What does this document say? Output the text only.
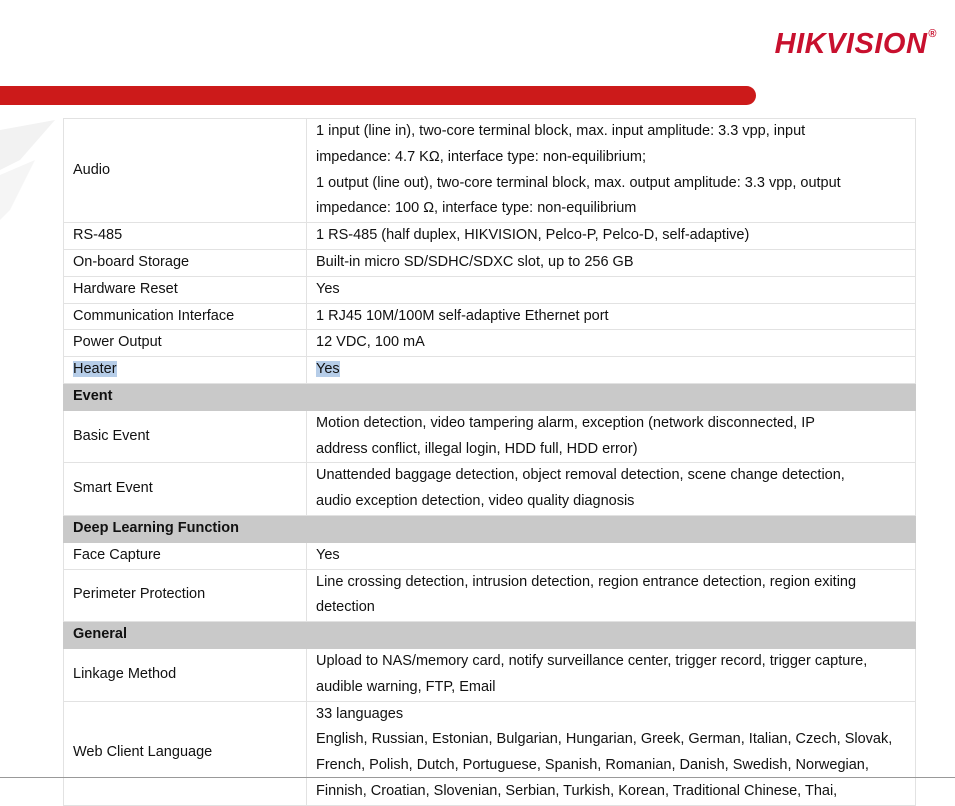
HIKVISION®
Audio	1 input (line in), two-core terminal block, max. input amplitude: 3.3 vpp, input
impedance: 4.7 KΩ, interface type: non-equilibrium;
1 output (line out), two-core terminal block, max. output amplitude: 3.3 vpp, output
impedance: 100 Ω, interface type: non-equilibrium

RS-485	1 RS-485 (half duplex, HIKVISION, Pelco-P, Pelco-D, self-adaptive)
On-board Storage	Built-in micro SD/SDHC/SDXC slot, up to 256 GB
Hardware Reset	Yes
Communication Interface	1 RJ45 10M/100M self-adaptive Ethernet port
Power Output	12 VDC, 100 mA
Heater	Yes
Event	
Basic Event	Motion detection, video tampering alarm, exception (network disconnected, IP
address conflict, illegal login, HDD full, HDD error)

Smart Event	Unattended baggage detection, object removal detection, scene change detection,
audio exception detection, video quality diagnosis

Deep Learning Function	
Face Capture	Yes
Perimeter Protection	Line crossing detection, intrusion detection, region entrance detection, region exiting
detection

General	
Linkage Method	Upload to NAS/memory card, notify surveillance center, trigger record, trigger capture,
audible warning, FTP, Email

Web Client Language	33 languages
English, Russian, Estonian, Bulgarian, Hungarian, Greek, German, Italian, Czech, Slovak,
French, Polish, Dutch, Portuguese, Spanish, Romanian, Danish, Swedish, Norwegian,
Finnish, Croatian, Slovenian, Serbian, Turkish, Korean, Traditional Chinese, Thai,
